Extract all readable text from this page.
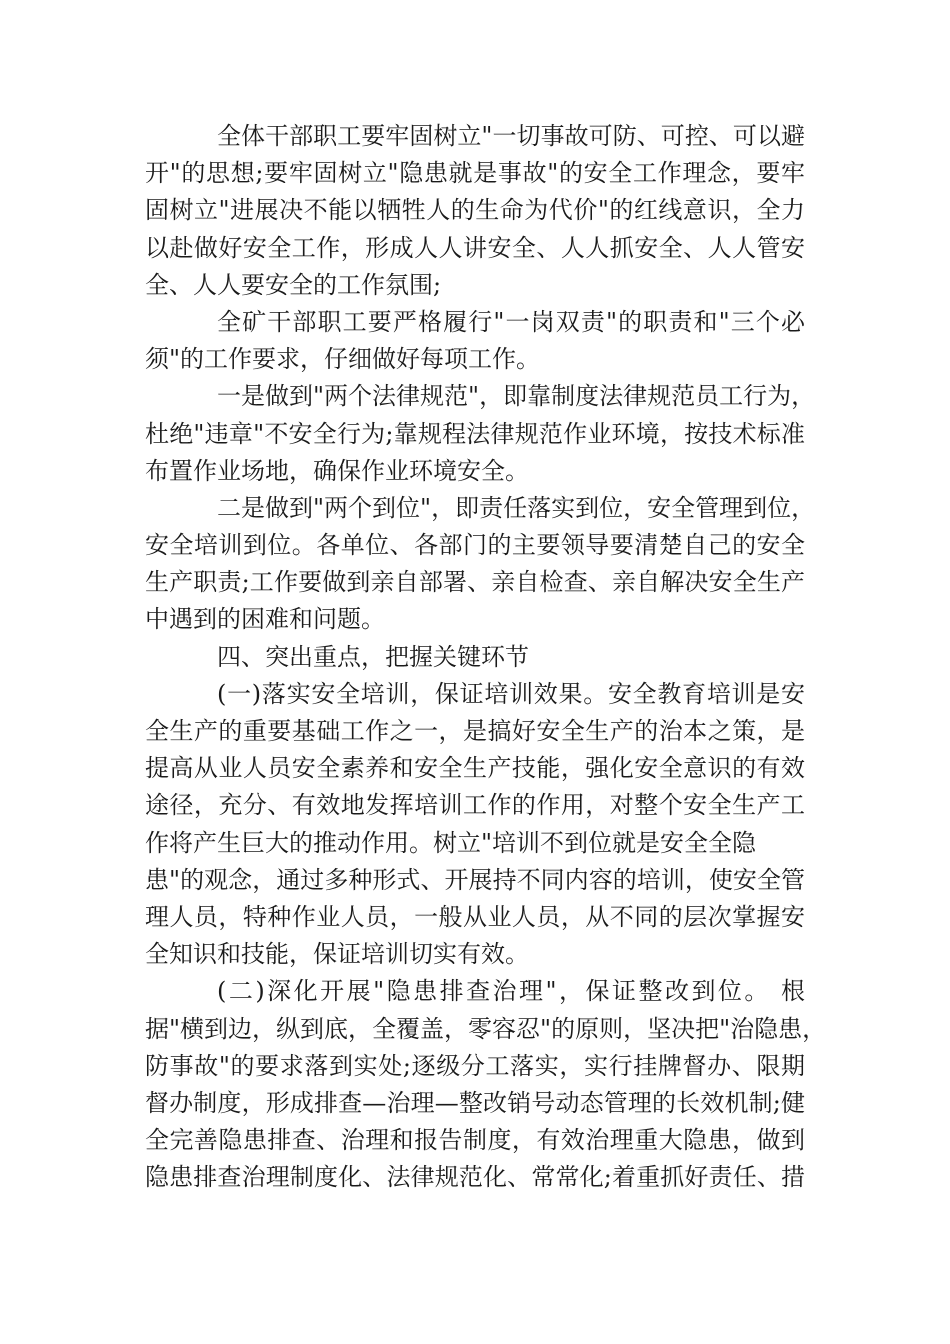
全体干部职工要牢固树立"一切事故可防、可控、可以避
开"的思想;要牢固树立"隐患就是事故"的安全工作理念，要牢
固树立"进展决不能以牺牲人的生命为代价"的红线意识，全力
以赴做好安全工作，形成人人讲安全、人人抓安全、人人管安
全、人人要安全的工作氛围;
全矿干部职工要严格履行"一岗双责"的职责和"三个必
须"的工作要求，仔细做好每项工作。
一是做到"两个法律规范"，即靠制度法律规范员工行为，
杜绝"违章"不安全行为;靠规程法律规范作业环境，按技术标准
布置作业场地，确保作业环境安全。
二是做到"两个到位"，即责任落实到位，安全管理到位，
安全培训到位。各单位、各部门的主要领导要清楚自己的安全
生产职责;工作要做到亲自部署、亲自检查、亲自解决安全生产
中遇到的困难和问题。
四、突出重点，把握关键环节
(一)落实安全培训，保证培训效果。安全教育培训是安
全生产的重要基础工作之一，是搞好安全生产的治本之策，是
提高从业人员安全素养和安全生产技能，强化安全意识的有效
途径，充分、有效地发挥培训工作的作用，对整个安全生产工
作将产生巨大的推动作用。树立"培训不到位就是安全全隐
患"的观念，通过多种形式、开展持不同内容的培训，使安全管
理人员，特种作业人员，一般从业人员，从不同的层次掌握安
全知识和技能，保证培训切实有效。
(二)深化开展"隐患排查治理"，保证整改到位。 根
据"横到边，纵到底，全覆盖，零容忍"的原则，坚决把"治隐患，
防事故"的要求落到实处;逐级分工落实，实行挂牌督办、限期
督办制度，形成排查—治理—整改销号动态管理的长效机制;健
全完善隐患排查、治理和报告制度，有效治理重大隐患，做到
隐患排查治理制度化、法律规范化、常常化;着重抓好责任、措
